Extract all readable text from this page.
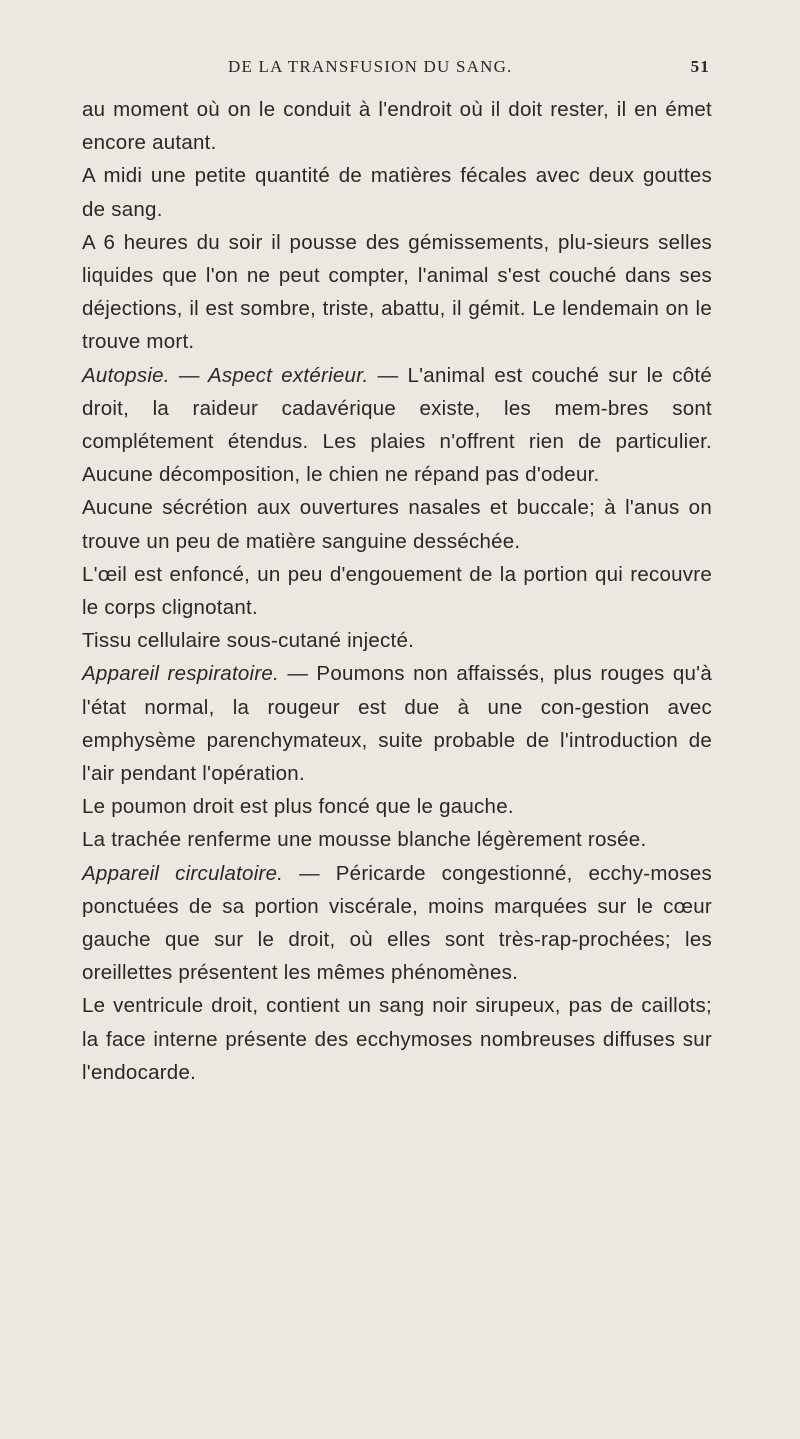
DE LA TRANSFUSION DU SANG.	51

au moment où on le conduit à l'endroit où il doit rester, il en émet encore autant.

A midi une petite quantité de matières fécales avec deux gouttes de sang.

A 6 heures du soir il pousse des gémissements, plu-sieurs selles liquides que l'on ne peut compter, l'animal s'est couché dans ses déjections, il est sombre, triste, abattu, il gémit. Le lendemain on le trouve mort.

Autopsie. — Aspect extérieur. — L'animal est couché sur le côté droit, la raideur cadavérique existe, les mem-bres sont complétement étendus. Les plaies n'offrent rien de particulier. Aucune décomposition, le chien ne répand pas d'odeur.

Aucune sécrétion aux ouvertures nasales et buccale; à l'anus on trouve un peu de matière sanguine desséchée.

L'œil est enfoncé, un peu d'engouement de la portion qui recouvre le corps clignotant.

Tissu cellulaire sous-cutané injecté.

Appareil respiratoire. — Poumons non affaissés, plus rouges qu'à l'état normal, la rougeur est due à une con-gestion avec emphysème parenchymateux, suite probable de l'introduction de l'air pendant l'opération.

Le poumon droit est plus foncé que le gauche.

La trachée renferme une mousse blanche légèrement rosée.

Appareil circulatoire. — Péricarde congestionné, ecchy-moses ponctuées de sa portion viscérale, moins marquées sur le cœur gauche que sur le droit, où elles sont très-rap-prochées; les oreillettes présentent les mêmes phénomènes.

Le ventricule droit, contient un sang noir sirupeux, pas de caillots; la face interne présente des ecchymoses nombreuses diffuses sur l'endocarde.
